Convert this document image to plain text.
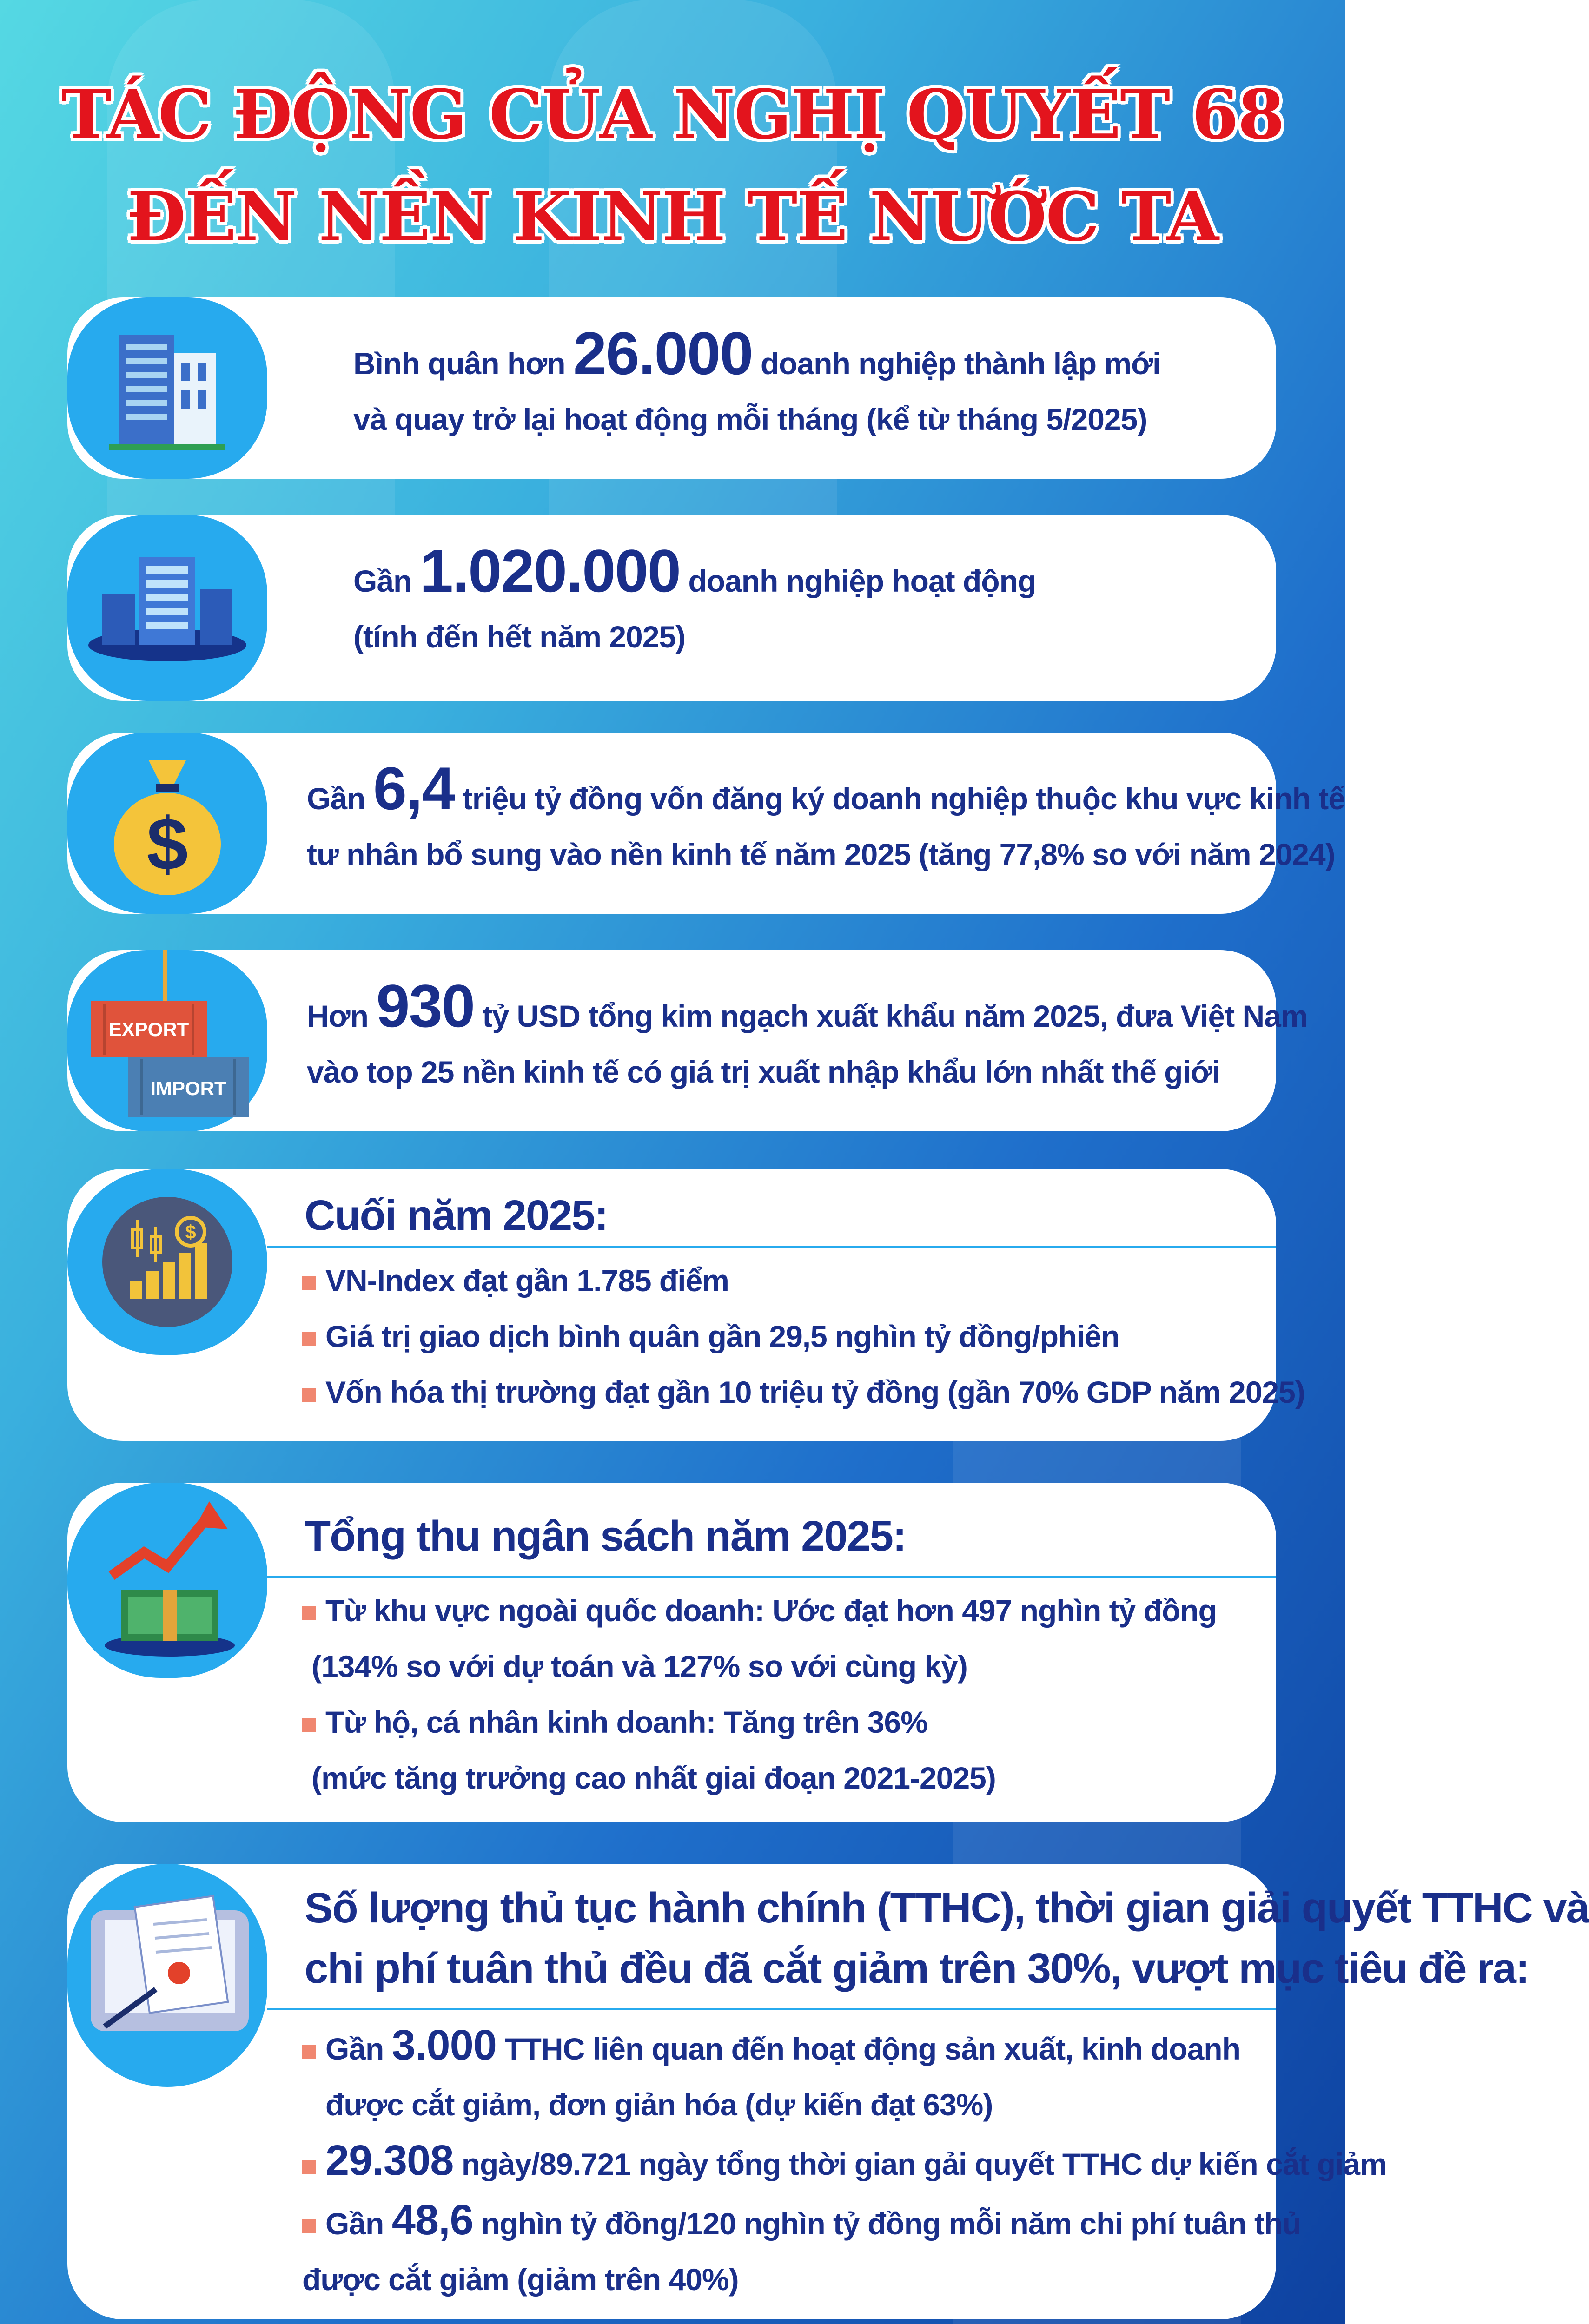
TÁC ĐỘNG CỦA NGHỊ QUYẾT 68
ĐẾN NỀN KINH TẾ NƯỚC TA
Bình quân hơn 26.000 doanh nghiệp thành lập mới
và quay trở lại hoạt động mỗi tháng (kể từ tháng 5/2025)
Gần 1.020.000 doanh nghiệp hoạt động
(tính đến hết năm 2025)
$
Gần 6,4 triệu tỷ đồng vốn đăng ký doanh nghiệp thuộc khu vực kinh tế
tư nhân bổ sung vào nền kinh tế năm 2025 (tăng 77,8% so với năm 2024)
EXPORT
IMPORT
Hơn 930 tỷ USD tổng kim ngạch xuất khẩu năm 2025, đưa Việt Nam
vào top 25 nền kinh tế có giá trị xuất nhập khẩu lớn nhất thế giới
$	Cuối năm 2025:
VN-Index đạt gần 1.785 điểm
Giá trị giao dịch bình quân gần 29,5 nghìn tỷ đồng/phiên
Vốn hóa thị trường đạt gần 10 triệu tỷ đồng (gần 70% GDP năm 2025)
Tổng thu ngân sách năm 2025:
Từ khu vực ngoài quốc doanh: Ước đạt hơn 497 nghìn tỷ đồng
(134% so với dự toán và 127% so với cùng kỳ)
Từ hộ, cá nhân kinh doanh: Tăng trên 36%
(mức tăng trưởng cao nhất giai đoạn 2021-2025)
Số lượng thủ tục hành chính (TTHC), thời gian giải quyết TTHC và
chi phí tuân thủ đều đã cắt giảm trên 30%, vượt mục tiêu đề ra:
Gần 3.000 TTHC liên quan đến hoạt động sản xuất, kinh doanh
được cắt giảm, đơn giản hóa (dự kiến đạt 63%)
29.308 ngày/89.721 ngày tổng thời gian gải quyết TTHC dự kiến cắt giảm
Gần 48,6 nghìn tỷ đồng/120 nghìn tỷ đồng mỗi năm chi phí tuân thủ
được cắt giảm (giảm trên 40%)
